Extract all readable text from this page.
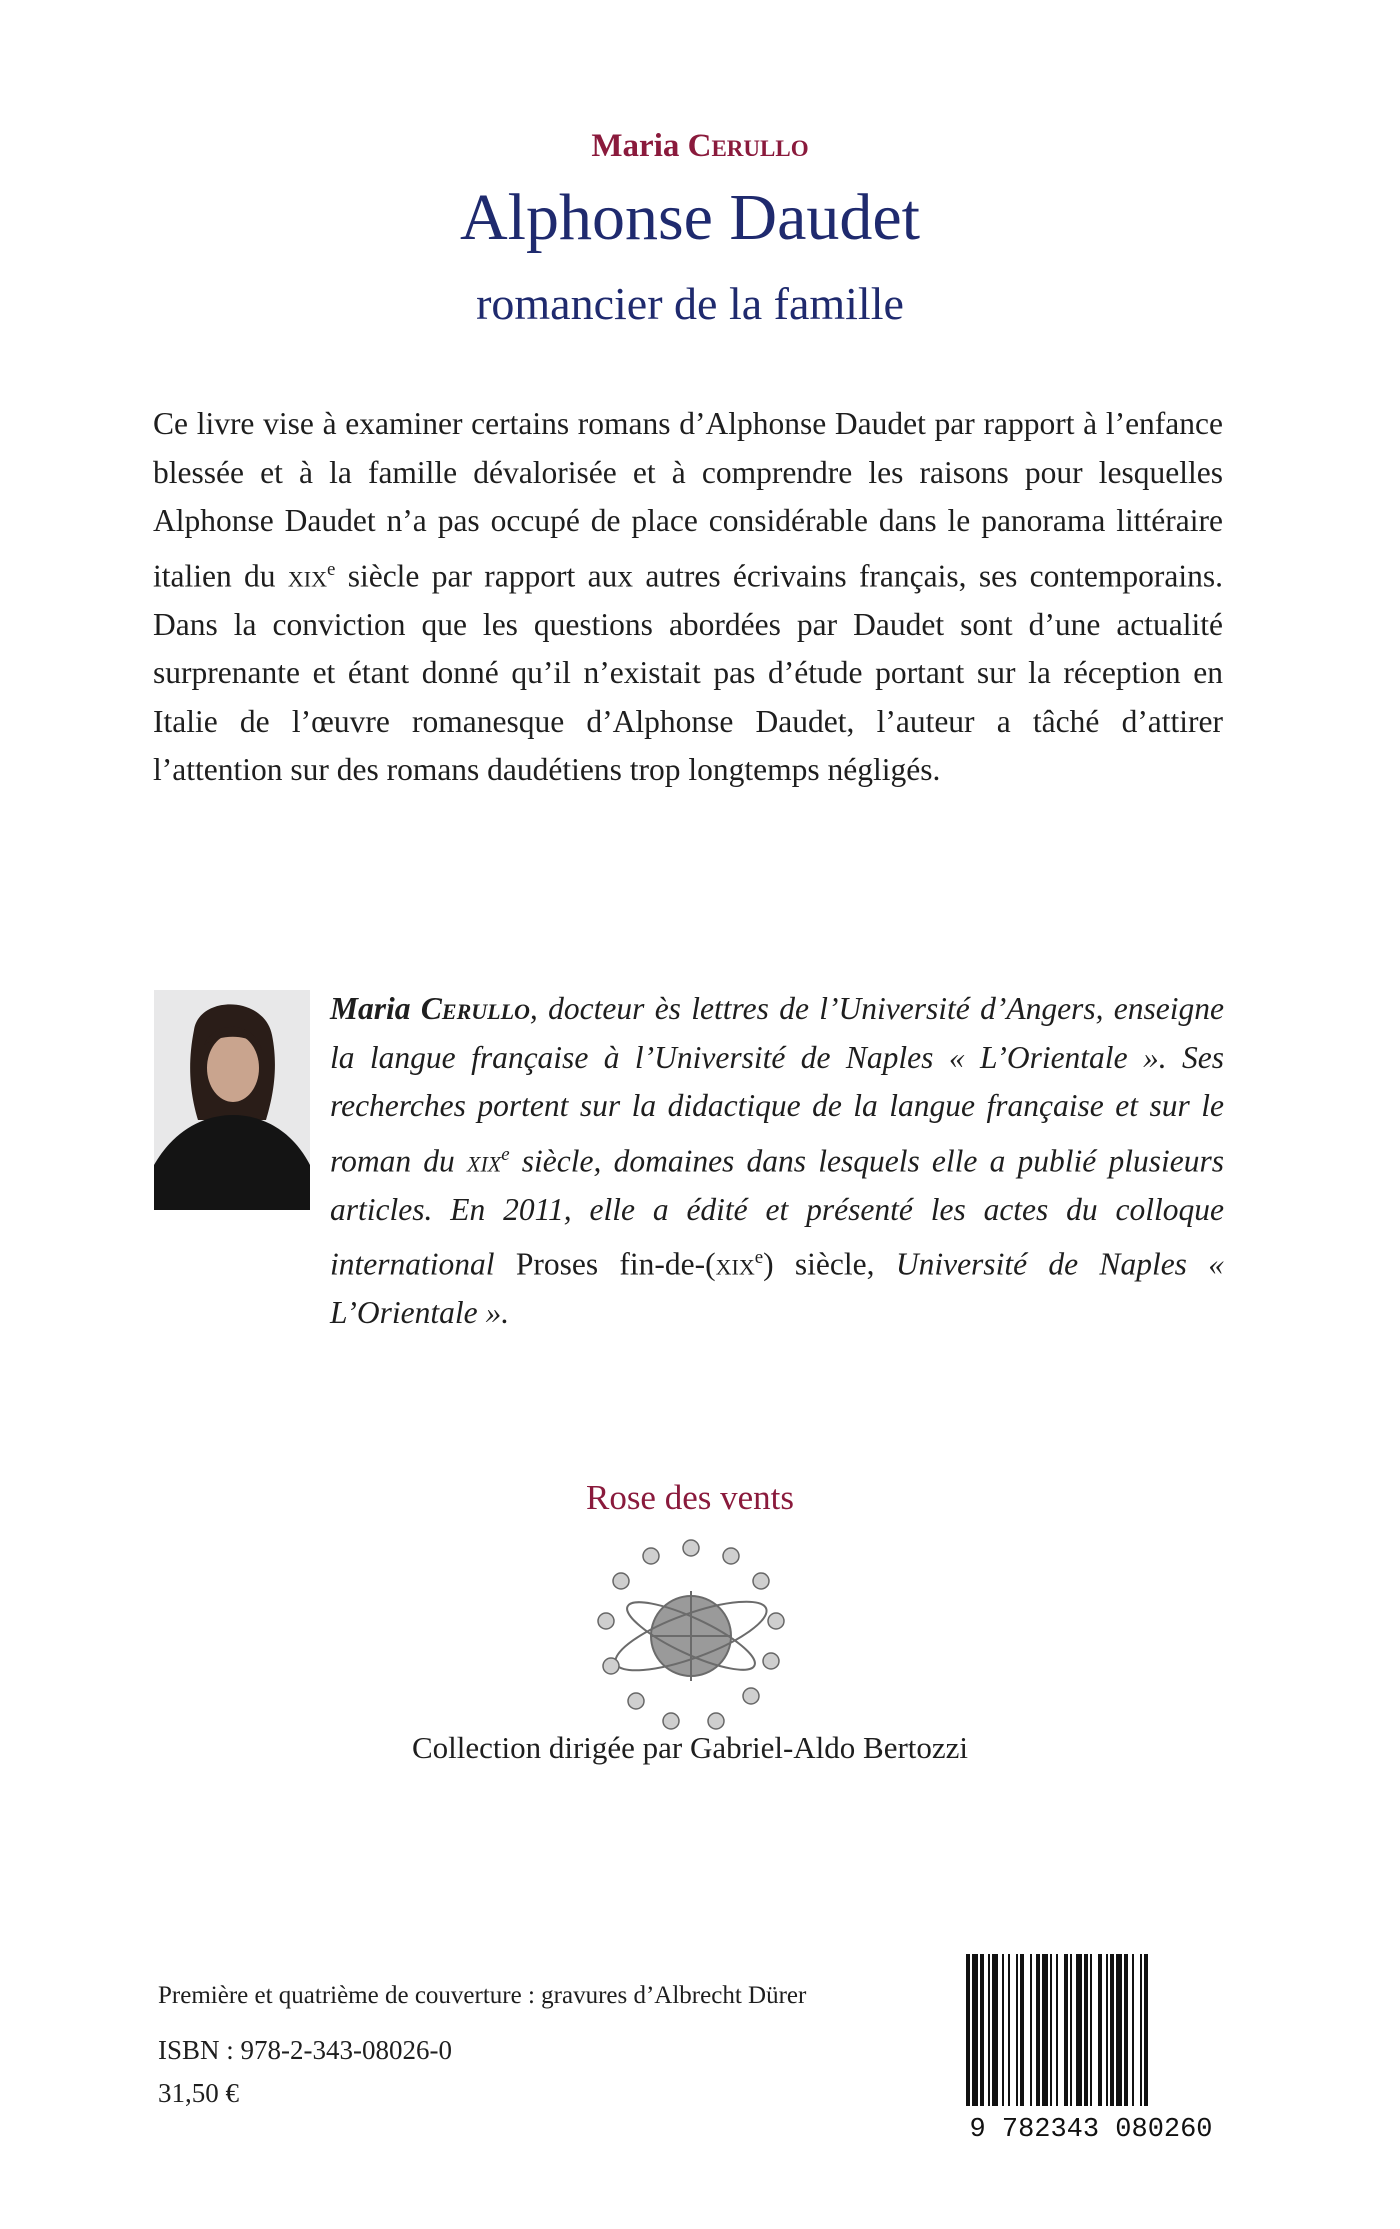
Maria Cerullo
Alphonse Daudet
romancier de la famille
Ce livre vise à examiner certains romans d’Alphonse Daudet par rapport à l’enfance blessée et à la famille dévalorisée et à comprendre les raisons pour lesquelles Alphonse Daudet n’a pas occupé de place considérable dans le panorama littéraire italien du xix$^e$ siècle par rapport aux autres écrivains français, ses contemporains. Dans la conviction que les questions abordées par Daudet sont d’une actualité surprenante et étant donné qu’il n’existait pas d’étude portant sur la réception en Italie de l’œuvre romanesque d’Alphonse Daudet, l’auteur a tâché d’attirer l’attention sur des romans daudétiens trop longtemps négligés.
Maria Cerullo, docteur ès lettres de l’Université d’Angers, enseigne la langue française à l’Université de Naples « L’Orientale ». Ses recherches portent sur la didactique de la langue française et sur le roman du xix$^e$ siècle, domaines dans lesquels elle a publié plusieurs articles. En 2011, elle a édité et présenté les actes du colloque international Proses fin-de-(xix$^e$) siècle, Université de Naples « L’Orientale ».
Rose des vents
Collection dirigée par Gabriel-Aldo Bertozzi
Première et quatrième de couverture : gravures d’Albrecht Dürer
ISBN : 978-2-343-08026-0
31,50 €
9 782343 080260
